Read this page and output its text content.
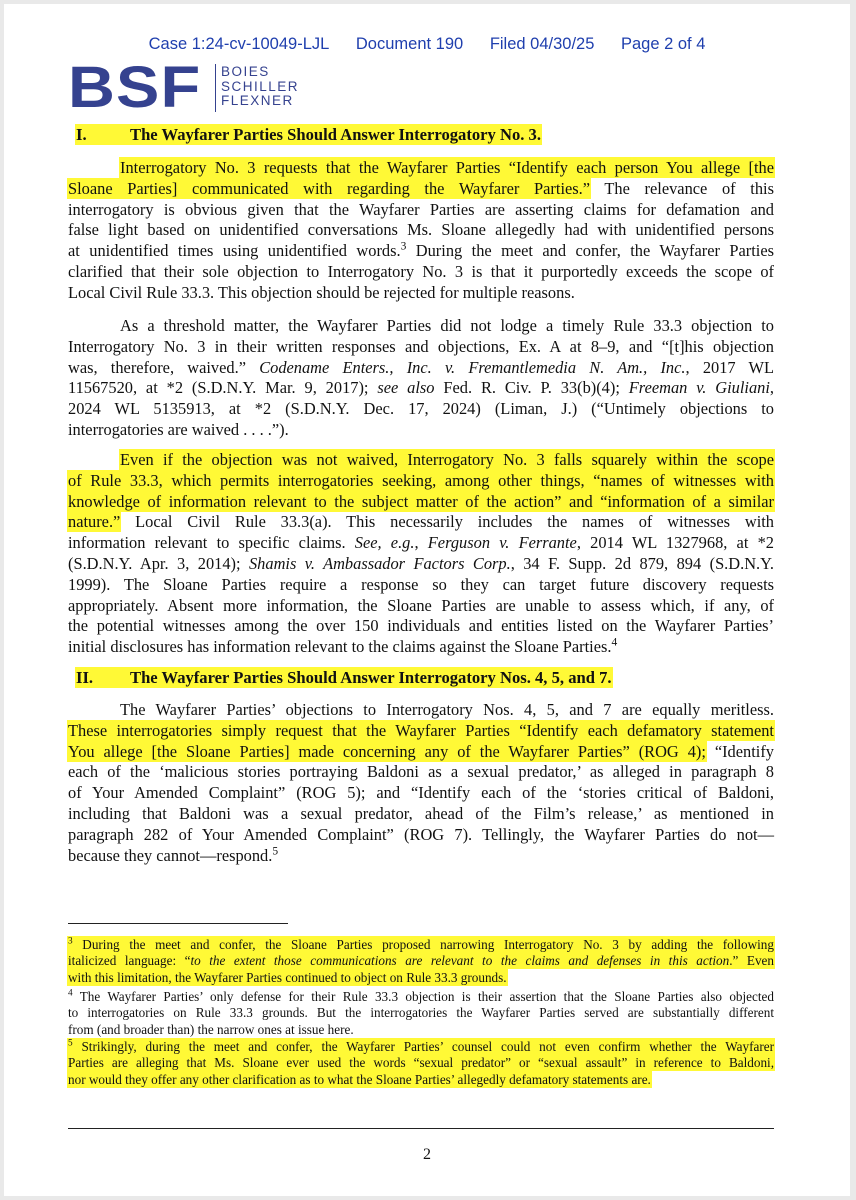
Case 1:24-cv-10049-LJL Document 190 Filed 04/30/25 Page 2 of 4
BSF BOIES
SCHILLER
FLEXNER
I.	The Wayfarer Parties Should Answer Interrogatory No. 3.
Interrogatory No. 3 requests that the Wayfarer Parties “Identify each person You allege [the
Sloane Parties] communicated with regarding the Wayfarer Parties.” The relevance of this
interrogatory is obvious given that the Wayfarer Parties are asserting claims for defamation and
false light based on unidentified conversations Ms. Sloane allegedly had with unidentified persons
at unidentified times using unidentified words.$^3$ During the meet and confer, the Wayfarer Parties
clarified that their sole objection to Interrogatory No. 3 is that it purportedly exceeds the scope of
Local Civil Rule 33.3. This objection should be rejected for multiple reasons.
As a threshold matter, the Wayfarer Parties did not lodge a timely Rule 33.3 objection to
Interrogatory No. 3 in their written responses and objections, Ex. A at 8–9, and “[t]his objection
was, therefore, waived.” Codename Enters., Inc. v. Fremantlemedia N. Am., Inc., 2017 WL
11567520, at *2 (S.D.N.Y. Mar. 9, 2017); see also Fed. R. Civ. P. 33(b)(4); Freeman v. Giuliani,
2024 WL 5135913, at *2 (S.D.N.Y. Dec. 17, 2024) (Liman, J.) (“Untimely objections to
interrogatories are waived . . . .”).
Even if the objection was not waived, Interrogatory No. 3 falls squarely within the scope
of Rule 33.3, which permits interrogatories seeking, among other things, “names of witnesses with
knowledge of information relevant to the subject matter of the action” and “information of a similar
nature.” Local Civil Rule 33.3(a). This necessarily includes the names of witnesses with
information relevant to specific claims. See, e.g., Ferguson v. Ferrante, 2014 WL 1327968, at *2
(S.D.N.Y. Apr. 3, 2014); Shamis v. Ambassador Factors Corp., 34 F. Supp. 2d 879, 894 (S.D.N.Y.
1999). The Sloane Parties require a response so they can target future discovery requests
appropriately. Absent more information, the Sloane Parties are unable to assess which, if any, of
the potential witnesses among the over 150 individuals and entities listed on the Wayfarer Parties’
initial disclosures has information relevant to the claims against the Sloane Parties.$^4$
II. The Wayfarer Parties Should Answer Interrogatory Nos. 4, 5, and 7.
The Wayfarer Parties’ objections to Interrogatory Nos. 4, 5, and 7 are equally meritless.
These interrogatories simply request that the Wayfarer Parties “Identify each defamatory statement
You allege [the Sloane Parties] made concerning any of the Wayfarer Parties” (ROG 4); “Identify
each of the ‘malicious stories portraying Baldoni as a sexual predator,’ as alleged in paragraph 8
of Your Amended Complaint” (ROG 5); and “Identify each of the ‘stories critical of Baldoni,
including that Baldoni was a sexual predator, ahead of the Film’s release,’ as mentioned in
paragraph 282 of Your Amended Complaint” (ROG 7). Tellingly, the Wayfarer Parties do not—
because they cannot—respond.$^5$
$^3$ During the meet and confer, the Sloane Parties proposed narrowing Interrogatory No. 3 by adding the following
italicized language: “to the extent those communications are relevant to the claims and defenses in this action.” Even
with this limitation, the Wayfarer Parties continued to object on Rule 33.3 grounds.
$^4$ The Wayfarer Parties’ only defense for their Rule 33.3 objection is their assertion that the Sloane Parties also objected
to interrogatories on Rule 33.3 grounds. But the interrogatories the Wayfarer Parties served are substantially different
from (and broader than) the narrow ones at issue here.
$^5$ Strikingly, during the meet and confer, the Wayfarer Parties’ counsel could not even confirm whether the Wayfarer
Parties are alleging that Ms. Sloane ever used the words “sexual predator” or “sexual assault” in reference to Baldoni,
nor would they offer any other clarification as to what the Sloane Parties’ allegedly defamatory statements are.
2
